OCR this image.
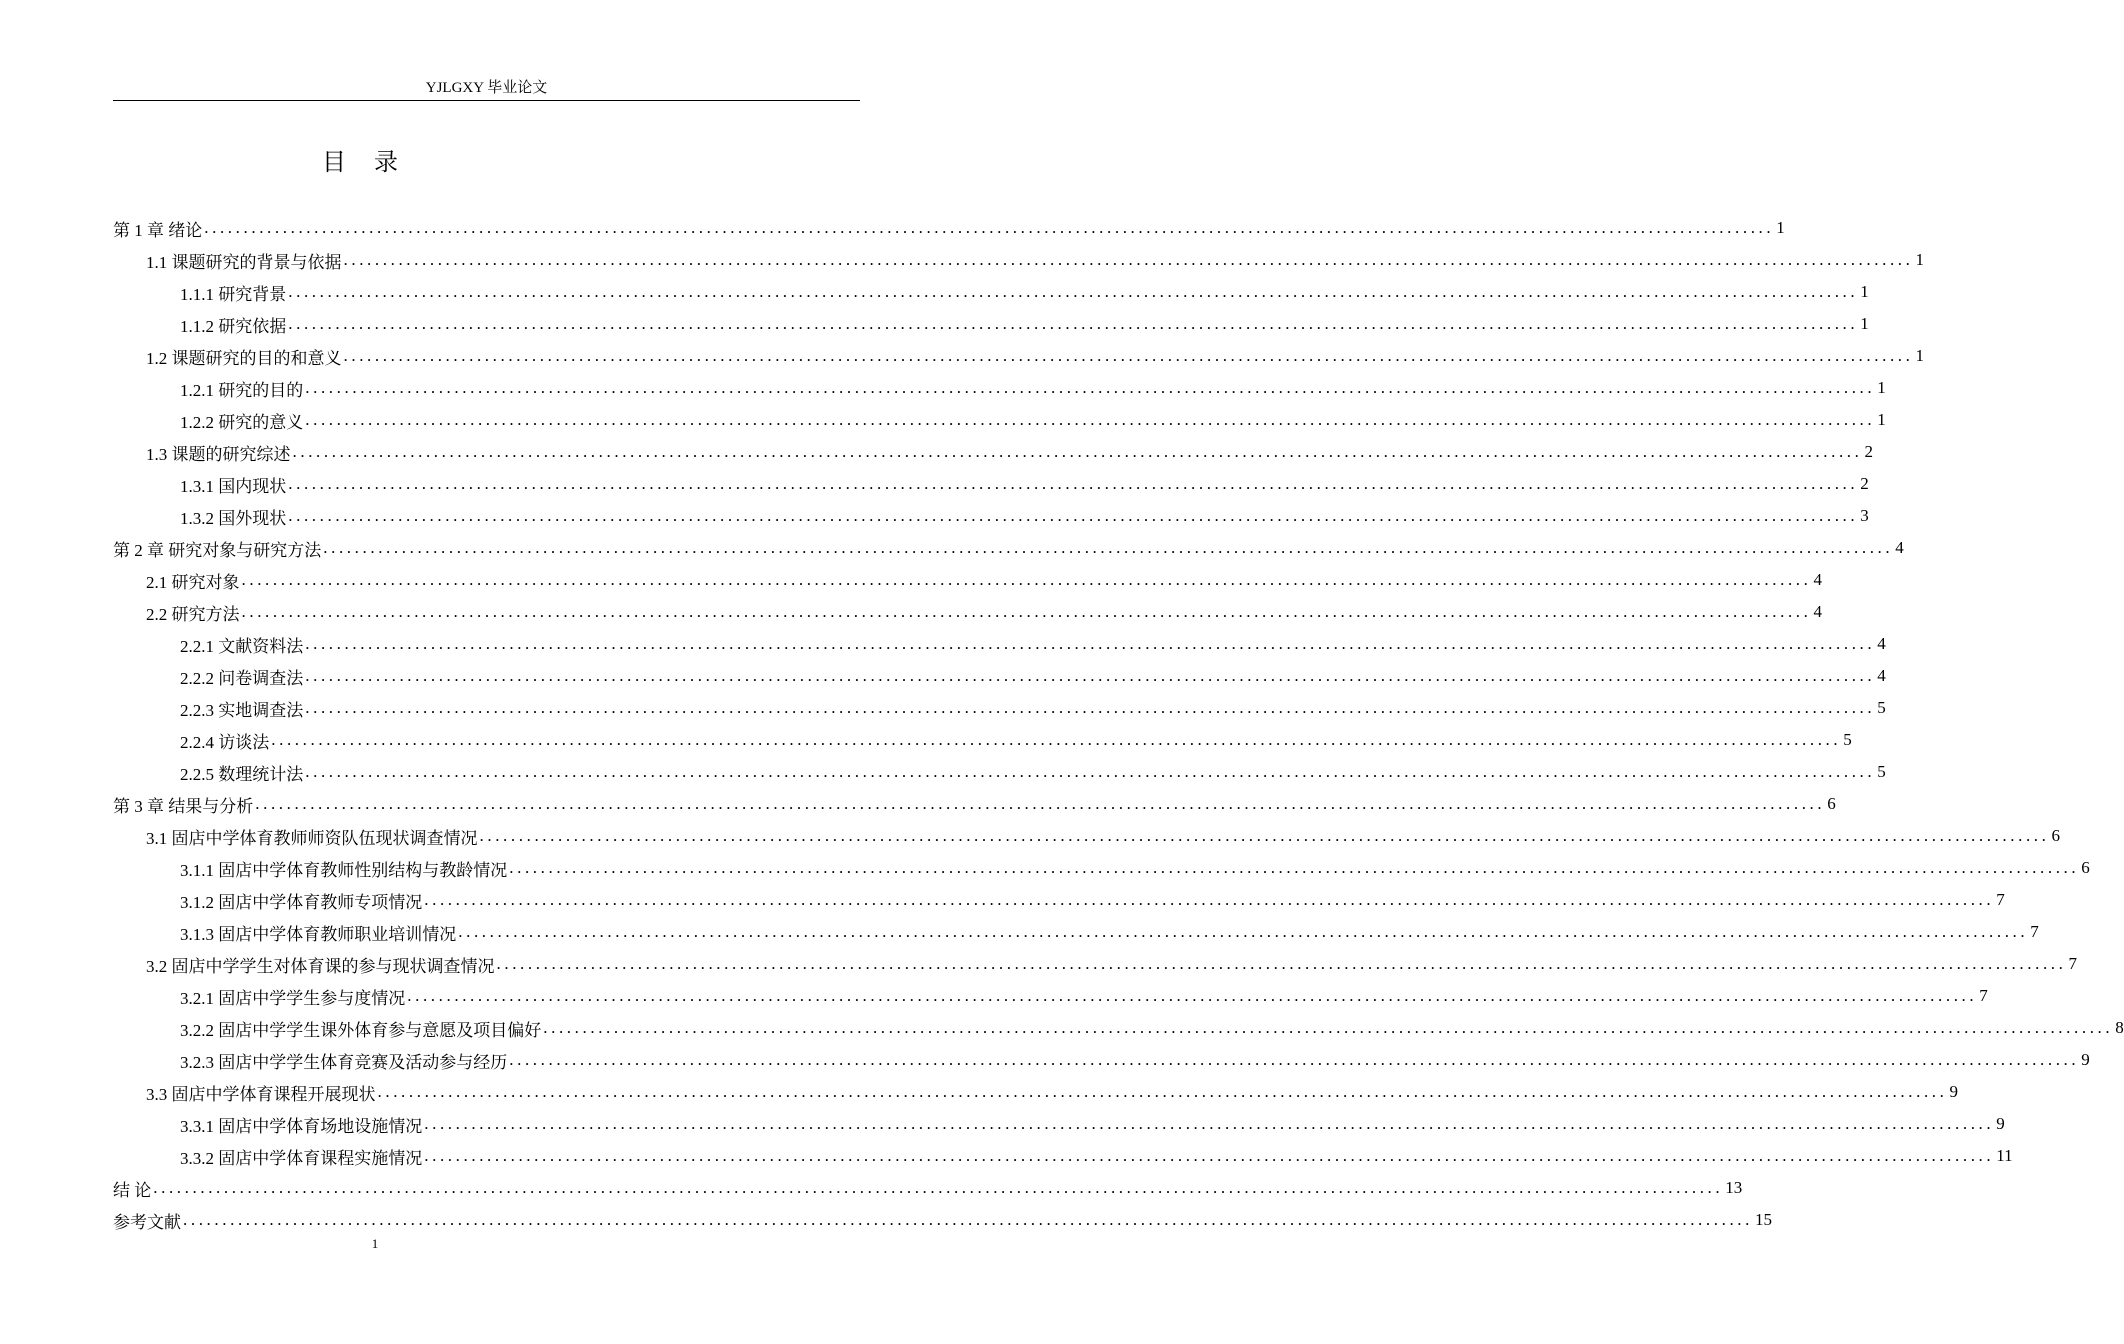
YJLGXY 毕业论文
目录
第 1 章 绪论 ........................................................................................................................................................................................................ 1
1.1 课题研究的背景与依据 ........................................................................................................................................................................................................ 1
1.1.1 研究背景 ........................................................................................................................................................................................................ 1
1.1.2 研究依据 ........................................................................................................................................................................................................ 1
1.2 课题研究的目的和意义 ........................................................................................................................................................................................................ 1
1.2.1 研究的目的 ........................................................................................................................................................................................................ 1
1.2.2 研究的意义 ........................................................................................................................................................................................................ 1
1.3 课题的研究综述 ........................................................................................................................................................................................................ 2
1.3.1 国内现状 ........................................................................................................................................................................................................ 2
1.3.2 国外现状 ........................................................................................................................................................................................................ 3
第 2 章 研究对象与研究方法 ........................................................................................................................................................................................................ 4
2.1 研究对象 ........................................................................................................................................................................................................ 4
2.2 研究方法 ........................................................................................................................................................................................................ 4
2.2.1 文献资料法 ........................................................................................................................................................................................................ 4
2.2.2 问卷调查法 ........................................................................................................................................................................................................ 4
2.2.3 实地调查法 ........................................................................................................................................................................................................ 5
2.2.4 访谈法 ........................................................................................................................................................................................................ 5
2.2.5 数理统计法 ........................................................................................................................................................................................................ 5
第 3 章 结果与分析 ........................................................................................................................................................................................................ 6
3.1 固店中学体育教师师资队伍现状调查情况 ........................................................................................................................................................................................................ 6
3.1.1 固店中学体育教师性别结构与教龄情况 ........................................................................................................................................................................................................ 6
3.1.2 固店中学体育教师专项情况 ........................................................................................................................................................................................................ 7
3.1.3 固店中学体育教师职业培训情况 ........................................................................................................................................................................................................ 7
3.2 固店中学学生对体育课的参与现状调查情况 ........................................................................................................................................................................................................ 7
3.2.1 固店中学学生参与度情况 ........................................................................................................................................................................................................ 7
3.2.2 固店中学学生课外体育参与意愿及项目偏好 ........................................................................................................................................................................................................ 8
3.2.3 固店中学学生体育竞赛及活动参与经历 ........................................................................................................................................................................................................ 9
3.3 固店中学体育课程开展现状 ........................................................................................................................................................................................................ 9
3.3.1 固店中学体育场地设施情况 ........................................................................................................................................................................................................ 9
3.3.2 固店中学体育课程实施情况 ........................................................................................................................................................................................................ 11
结 论 ........................................................................................................................................................................................................ 13
参考文献 ........................................................................................................................................................................................................ 15
1
